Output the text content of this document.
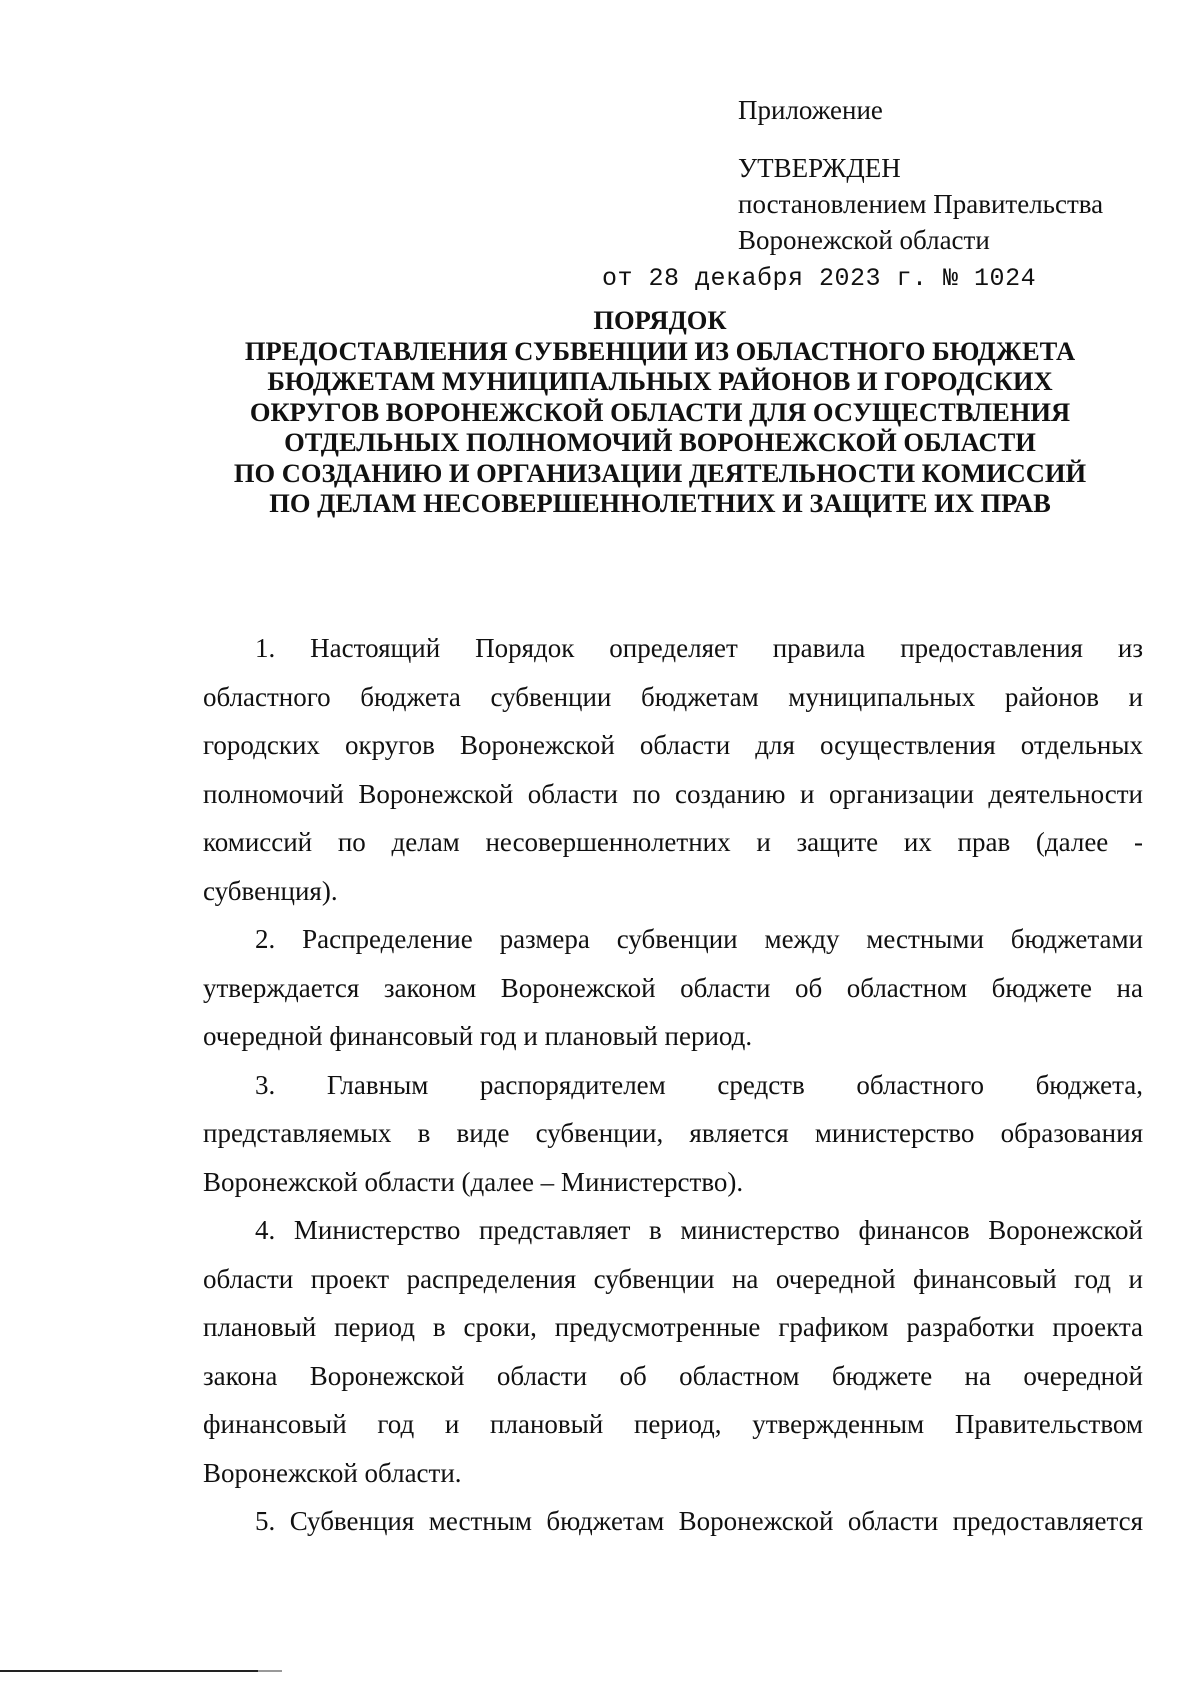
Приложение
УТВЕРЖДЕН
постановлением Правительства
Воронежской области
от 28 декабря 2023 г. № 1024
ПОРЯДОК
ПРЕДОСТАВЛЕНИЯ СУБВЕНЦИИ ИЗ ОБЛАСТНОГО БЮДЖЕТА
БЮДЖЕТАМ МУНИЦИПАЛЬНЫХ РАЙОНОВ И ГОРОДСКИХ
ОКРУГОВ ВОРОНЕЖСКОЙ ОБЛАСТИ ДЛЯ ОСУЩЕСТВЛЕНИЯ
ОТДЕЛЬНЫХ ПОЛНОМОЧИЙ ВОРОНЕЖСКОЙ ОБЛАСТИ
ПО СОЗДАНИЮ И ОРГАНИЗАЦИИ ДЕЯТЕЛЬНОСТИ КОМИССИЙ
ПО ДЕЛАМ НЕСОВЕРШЕННОЛЕТНИХ И ЗАЩИТЕ ИХ ПРАВ
1. Настоящий Порядок определяет правила предоставления из
областного бюджета субвенции бюджетам муниципальных районов и
городских округов Воронежской области для осуществления отдельных
полномочий Воронежской области по созданию и организации деятельности
комиссий по делам несовершеннолетних и защите их прав (далее -
субвенция).
2. Распределение размера субвенции между местными бюджетами
утверждается законом Воронежской области об областном бюджете на
очередной финансовый год и плановый период.
3. Главным распорядителем средств областного бюджета,
представляемых в виде субвенции, является министерство образования
Воронежской области (далее – Министерство).
4. Министерство представляет в министерство финансов Воронежской
области проект распределения субвенции на очередной финансовый год и
плановый период в сроки, предусмотренные графиком разработки проекта
закона Воронежской области об областном бюджете на очередной
финансовый год и плановый период, утвержденным Правительством
Воронежской области.
5. Субвенция местным бюджетам Воронежской области предоставляется
